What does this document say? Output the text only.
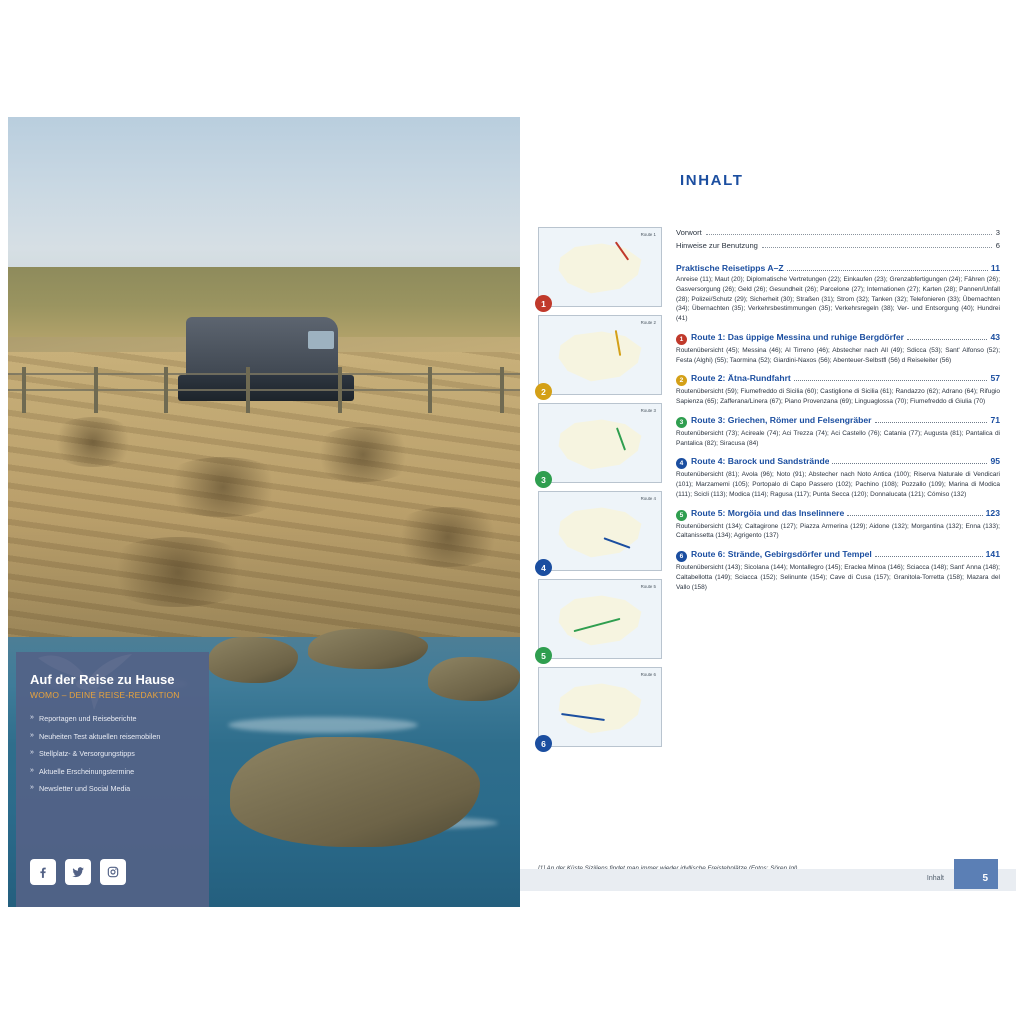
Auf der Reise zu Hause
WOMO – DEINE REISE-REDAKTION
» Reportagen und Reiseberichte
» Neuheiten Test aktuellen reisemobilen
» Stellplatz- & Versorgungstipps
» Aktuelle Erscheinungstermine
» Newsletter und Social Media
INHALT
Route 1
1
Route 2
2
Route 3
3
Route 4
4
Route 5
5
Route 6
6
Vorwort	3
Hinweise zur Benutzung	6
Praktische Reisetipps A–Z	11
Anreise (11); Maut (20); Diplomatische Vertretungen (22); Einkaufen (23); Grenzabfertigungen (24); Fähren (26); Gasversorgung (26); Geld (26); Gesundheit (26); Parcelone (27); Internationen (27); Karten (28); Pannen/Unfall (28); Polizei/Schutz (29); Sicherheit (30); Straßen (31); Strom (32); Tanken (32); Telefonieren (33); Übernachten (34); Übernachten (35); Verkehrsbestimmungen (35); Verkehrsregeln (38); Ver- und Entsorgung (40); Hundrei (41)
1 Route 1: Das üppige Messina und ruhige Bergdörfer	43
Routenübersicht (45); Messina (46); Al Tirreno (46); Abstecher nach All (49); Sdicca (53); Sant' Alfonso (52); Festa (Alghi) (55); Taormina (52); Giardini-Naxos (56); Abenteuer-Selbstfl (56) d Reiseleiter (56)
2 Route 2: Ätna-Rundfahrt	57
Routenübersicht (59); Fiumefreddo di Sicilia (60); Castiglione di Sicilia (61); Randazzo (62); Adrano (64); Rifugio Sapienza (65); Zafferana/Linera (67); Piano Provenzana (69); Linguaglossa (70); Fiumefreddo di Giulia (70)
3 Route 3: Griechen, Römer und Felsengräber	71
Routenübersicht (73); Acireale (74); Aci Trezza (74); Aci Castello (76); Catania (77); Augusta (81); Pantalica di Pantalica (82); Siracusa (84)
4 Route 4: Barock und Sandstrände	95
Routenübersicht (81); Avola (96); Noto (91); Abstecher nach Noto Antica (100); Riserva Naturale di Vendicari (101); Marzamemi (105); Portopalo di Capo Passero (102); Pachino (108); Pozzallo (109); Marina di Modica (111); Scicli (113); Modica (114); Ragusa (117); Punta Secca (120); Donnalucata (121); Cómiso (132)
5 Route 5: Morgöia und das Inselinnere	123
Routenübersicht (134); Caltagirone (127); Piazza Armerina (129); Aidone (132); Morgantina (132); Enna (133); Caltanissetta (134); Agrigento (137)
6 Route 6: Strände, Gebirgsdörfer und Tempel	141
Routenübersicht (143); Sicolana (144); Montallegro (145); Eraclea Minoa (146); Sciacca (148); Sant' Anna (148); Caltabellotta (149); Sciacca (152); Selinunte (154); Cave di Cusa (157); Granitola-Torretta (158); Mazara del Vallo (158)
Inhalt	5
